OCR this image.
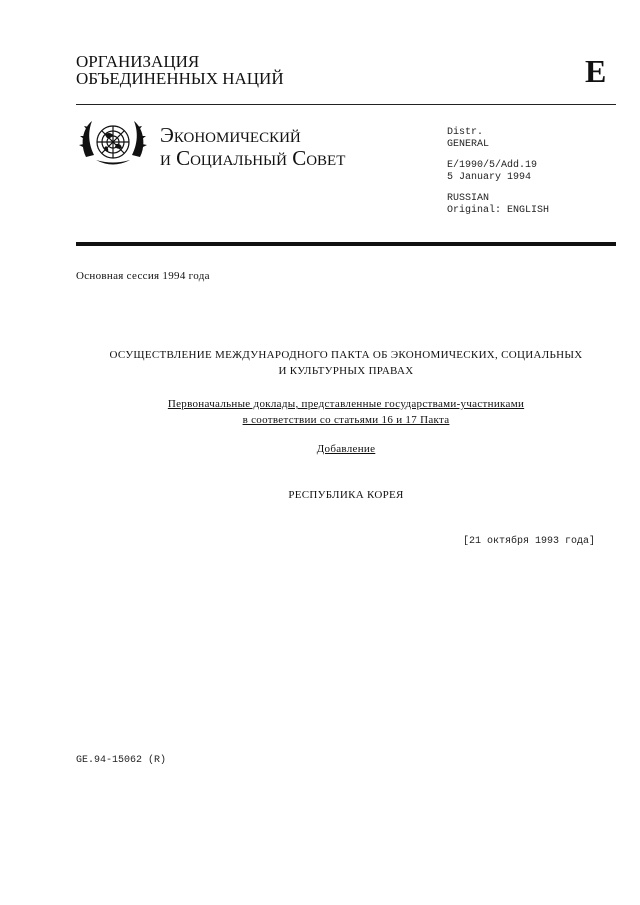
ОРГАНИЗАЦИЯ
ОБЪЕДИНЕННЫХ НАЦИЙ	E
Экономический
и Социальный Совет
Distr.
GENERAL
E/1990/5/Add.19
5 January 1994
RUSSIAN
Original: ENGLISH
Основная сессия 1994 года
ОСУЩЕСТВЛЕНИЕ МЕЖДУНАРОДНОГО ПАКТА ОБ ЭКОНОМИЧЕСКИХ, СОЦИАЛЬНЫХ
И КУЛЬТУРНЫХ ПРАВАХ
Первоначальные доклады, представленные государствами-участниками
в соответствии со статьями 16 и 17 Пакта
Добавление
РЕСПУБЛИКА КОРЕЯ
[21 октября 1993 года]
GE.94-15062 (R)
